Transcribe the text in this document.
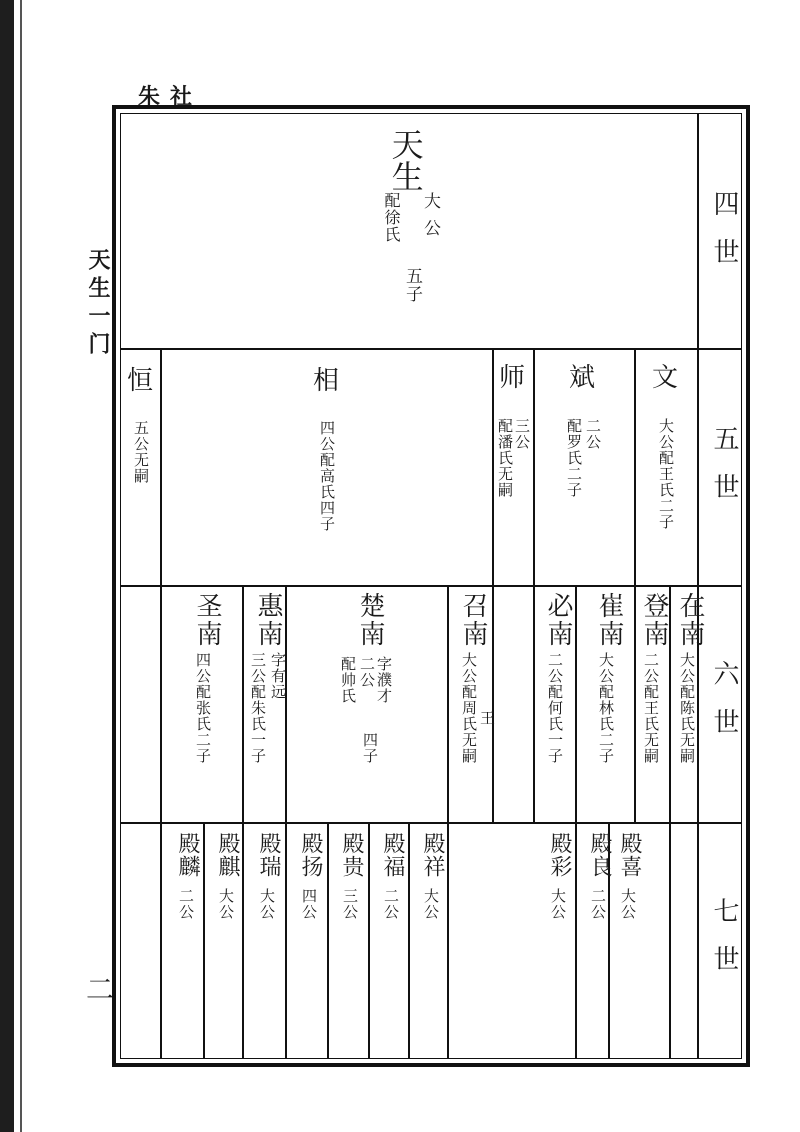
朱社
天生一门
二
四世
五世
六世
七世
天生
大公
配徐氏
五子
文
大公配王氏二子
斌
二公
配罗氏二子
师
三公
配潘氏无嗣
相
四公配高氏四子
恒
五公无嗣
在南
大公配陈氏无嗣
登南
二公配王氏无嗣
崔南
大公配林氏二子
必南
二公配何氏一子
召南
王
大公配周氏无嗣
楚南
字濮才
二公
配帅氏
四子
惠南
字有远
三公配朱氏一子
圣南
四公配张氏二子
殿喜
大公
殿良
二公
殿彩
大公
殿祥
大公
殿福
二公
殿贵
三公
殿扬
四公
殿瑞
大公
殿麒
大公
殿麟
二公
